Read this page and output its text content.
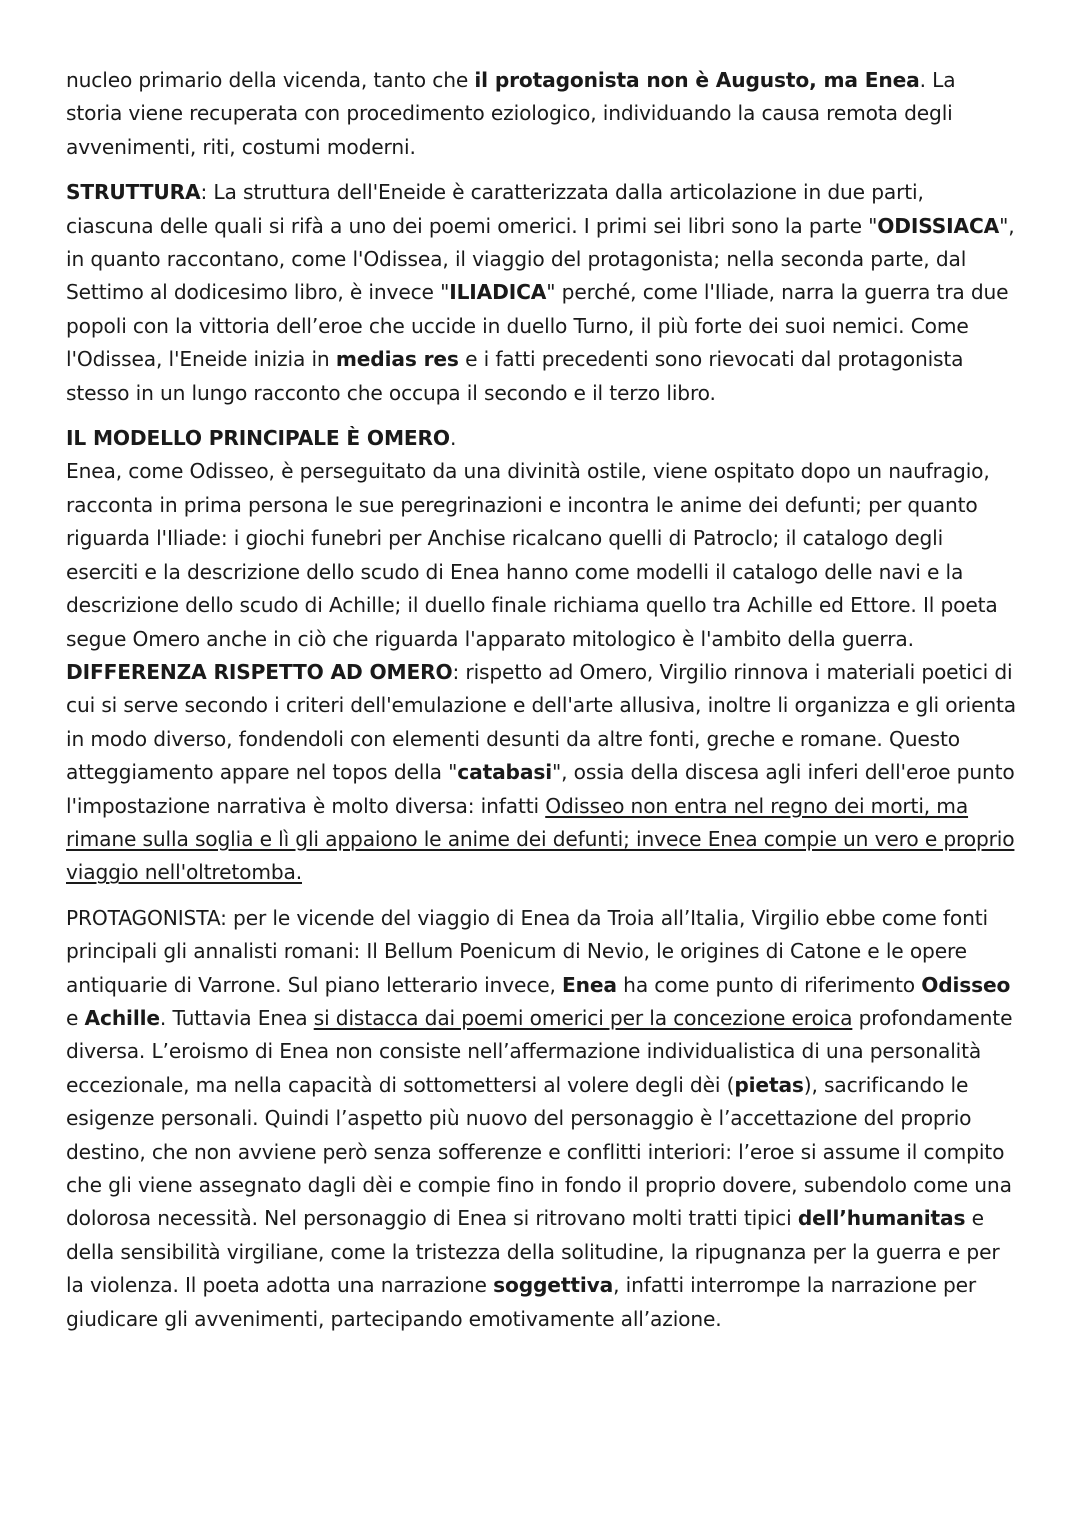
nucleo primario della vicenda, tanto che il protagonista non è Augusto, ma Enea. La storia viene recuperata con procedimento eziologico, individuando la causa remota degli avvenimenti, riti, costumi moderni.

STRUTTURA: La struttura dell'Eneide è caratterizzata dalla articolazione in due parti, ciascuna delle quali si rifà a uno dei poemi omerici. I primi sei libri sono la parte "ODISSIACA", in quanto raccontano, come l'Odissea, il viaggio del protagonista; nella seconda parte, dal Settimo al dodicesimo libro, è invece "ILIADICA" perché, come l'Iliade, narra la guerra tra due popoli con la vittoria dell’eroe che uccide in duello Turno, il più forte dei suoi nemici. Come l'Odissea, l'Eneide inizia in medias res e i fatti precedenti sono rievocati dal protagonista stesso in un lungo racconto che occupa il secondo e il terzo libro.

IL MODELLO PRINCIPALE È OMERO.

Enea, come Odisseo, è perseguitato da una divinità ostile, viene ospitato dopo un naufragio, racconta in prima persona le sue peregrinazioni e incontra le anime dei defunti; per quanto riguarda l'Iliade: i giochi funebri per Anchise ricalcano quelli di Patroclo; il catalogo degli eserciti e la descrizione dello scudo di Enea hanno come modelli il catalogo delle navi e la descrizione dello scudo di Achille; il duello finale richiama quello tra Achille ed Ettore. Il poeta segue Omero anche in ciò che riguarda l'apparato mitologico è l'ambito della guerra.

DIFFERENZA RISPETTO AD OMERO: rispetto ad Omero, Virgilio rinnova i materiali poetici di cui si serve secondo i criteri dell'emulazione e dell'arte allusiva, inoltre li organizza e gli orienta in modo diverso, fondendoli con elementi desunti da altre fonti, greche e romane. Questo atteggiamento appare nel topos della "catabasi", ossia della discesa agli inferi dell'eroe punto l'impostazione narrativa è molto diversa: infatti Odisseo non entra nel regno dei morti, ma rimane sulla soglia e lì gli appaiono le anime dei defunti; invece Enea compie un vero e proprio viaggio nell'oltretomba.

PROTAGONISTA: per le vicende del viaggio di Enea da Troia all’Italia, Virgilio ebbe come fonti principali gli annalisti romani: Il Bellum Poenicum di Nevio, le origines di Catone e le opere antiquarie di Varrone. Sul piano letterario invece, Enea ha come punto di riferimento Odisseo e Achille. Tuttavia Enea si distacca dai poemi omerici per la concezione eroica profondamente diversa. L’eroismo di Enea non consiste nell’affermazione individualistica di una personalità eccezionale, ma nella capacità di sottomettersi al volere degli dèi (pietas), sacrificando le esigenze personali. Quindi l’aspetto più nuovo del personaggio è l’accettazione del proprio destino, che non avviene però senza sofferenze e conflitti interiori: l’eroe si assume il compito che gli viene assegnato dagli dèi e compie fino in fondo il proprio dovere, subendolo come una dolorosa necessità. Nel personaggio di Enea si ritrovano molti tratti tipici dell’humanitas e della sensibilità virgiliane, come la tristezza della solitudine, la ripugnanza per la guerra e per la violenza. Il poeta adotta una narrazione soggettiva, infatti interrompe la narrazione per giudicare gli avvenimenti, partecipando emotivamente all’azione.
